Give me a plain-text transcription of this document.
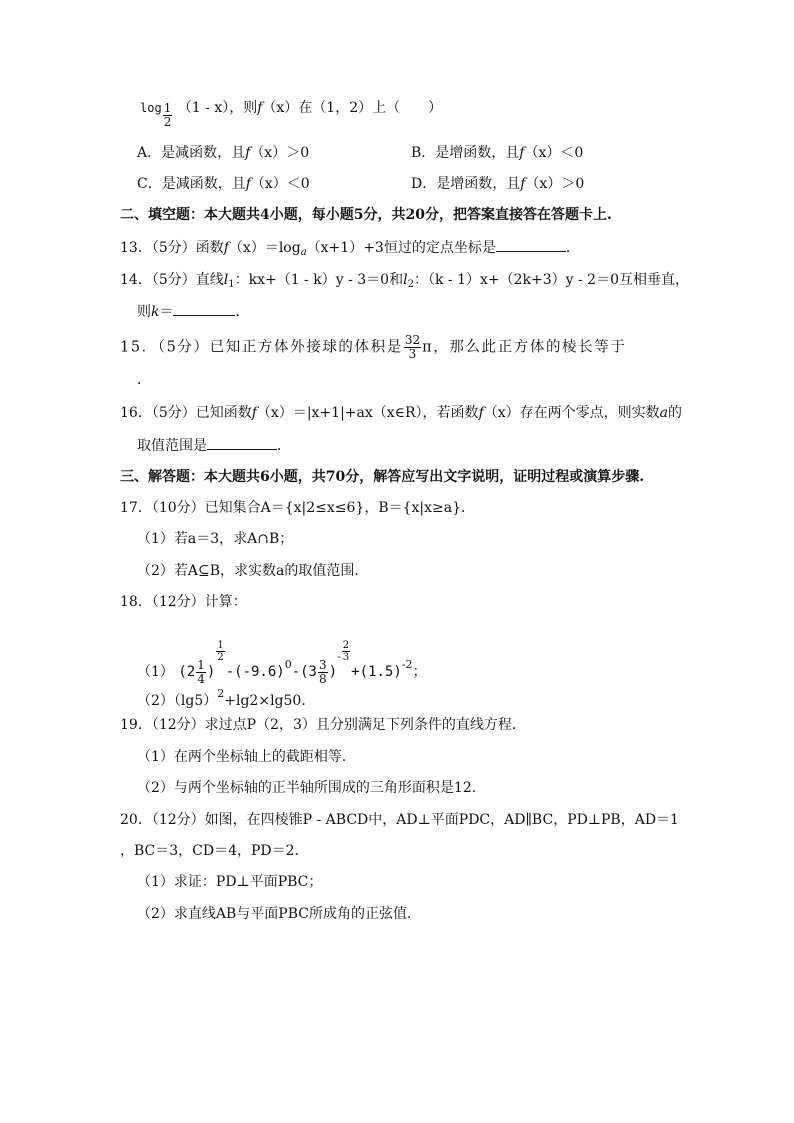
$\log \frac{1}{2} (1 - x)$，则f（x）在（1，2）上（　　）
A．是减函数，且f（x）＞0	B．是增函数，且f（x）＜0
C．是减函数，且f（x）＜0	D．是增函数，且f（x）＞0
二、填空题：本大题共4小题，每小题5分，共20分，把答案直接答在答题卡上.
13．（5分）函数$f(x)=\log_a(x+1)+3$恒过的定点坐标是	．
14．（5分）直线$l_1$：kx+（1 - k）y - 3＝0和$l_2$：（k - 1）x+（2k+3）y - 2＝0互相垂直，
则k＝	．
15．（5分）已知正方体外接球的体积是 $\frac{32}{3}$ π，那么此正方体的棱长等于
．
16．（5分）已知函数f（x）＝|x+1|+ax（x∈R），若函数f（x）存在两个零点，则实数a的
取值范围是	．
三、解答题：本大题共6小题，共70分，解答应写出文字说明，证明过程或演算步骤.
17．（10分）已知集合A＝{x|2≤x≤6}，B＝{x|x≥a}．
（1）若a＝3，求A∩B；
（2）若A⊆B，求实数a的取值范围．
18．（12分）计算：
（1） ($2 \frac{1}{4}$ )
$\frac{1}{2}$
$-(-9.6)^0-(3 \frac{3}{8} )^- \frac{2}{3}$
$+(1.5)^{-2}$；
$(2)(\lg 5)^2+\lg 2\times\lg 50$．
19．（12分）求过点P（2，3）且分别满足下列条件的直线方程．
（1）在两个坐标轴上的截距相等．
（2）与两个坐标轴的正半轴所围成的三角形面积是12．
20．（12分）如图，在四棱锥P - ABCD中，AD⊥平面PDC，AD∥BC，PD⊥PB，AD＝1
，BC＝3，CD＝4，PD＝2．
（1）求证：PD⊥平面PBC；
（2）求直线AB与平面PBC所成角的正弦值．
